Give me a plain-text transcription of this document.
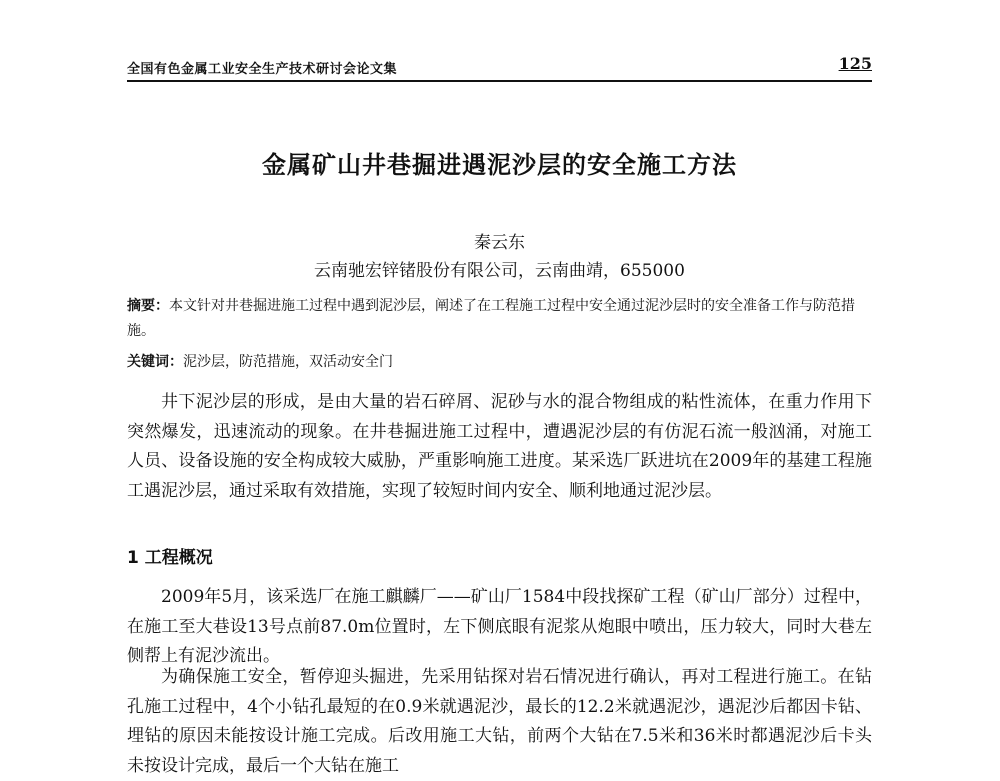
全国有色金属工业安全生产技术研讨会论文集	125
金属矿山井巷掘进遇泥沙层的安全施工方法
秦云东
云南驰宏锌锗股份有限公司，云南曲靖，655000
摘要：本文针对井巷掘进施工过程中遇到泥沙层，阐述了在工程施工过程中安全通过泥沙层时的安全准备工作与防范措施。
关键词：泥沙层，防范措施，双活动安全门
井下泥沙层的形成，是由大量的岩石碎屑、泥砂与水的混合物组成的粘性流体，在重力作用下突然爆发，迅速流动的现象。在井巷掘进施工过程中，遭遇泥沙层的有仿泥石流一般汹涌，对施工人员、设备设施的安全构成较大威胁，严重影响施工进度。某采选厂跃进坑在2009年的基建工程施工遇泥沙层，通过采取有效措施，实现了较短时间内安全、顺利地通过泥沙层。
1 工程概况
2009年5月，该采选厂在施工麒麟厂——矿山厂1584中段找探矿工程（矿山厂部分）过程中，在施工至大巷设13号点前87.0m位置时，左下侧底眼有泥浆从炮眼中喷出，压力较大，同时大巷左侧帮上有泥沙流出。
为确保施工安全，暂停迎头掘进，先采用钻探对岩石情况进行确认，再对工程进行施工。在钻孔施工过程中，4个小钻孔最短的在0.9米就遇泥沙，最长的12.2米就遇泥沙，遇泥沙后都因卡钻、埋钻的原因未能按设计施工完成。后改用施工大钻，前两个大钻在7.5米和36米时都遇泥沙后卡头未按设计完成，最后一个大钻在施工
